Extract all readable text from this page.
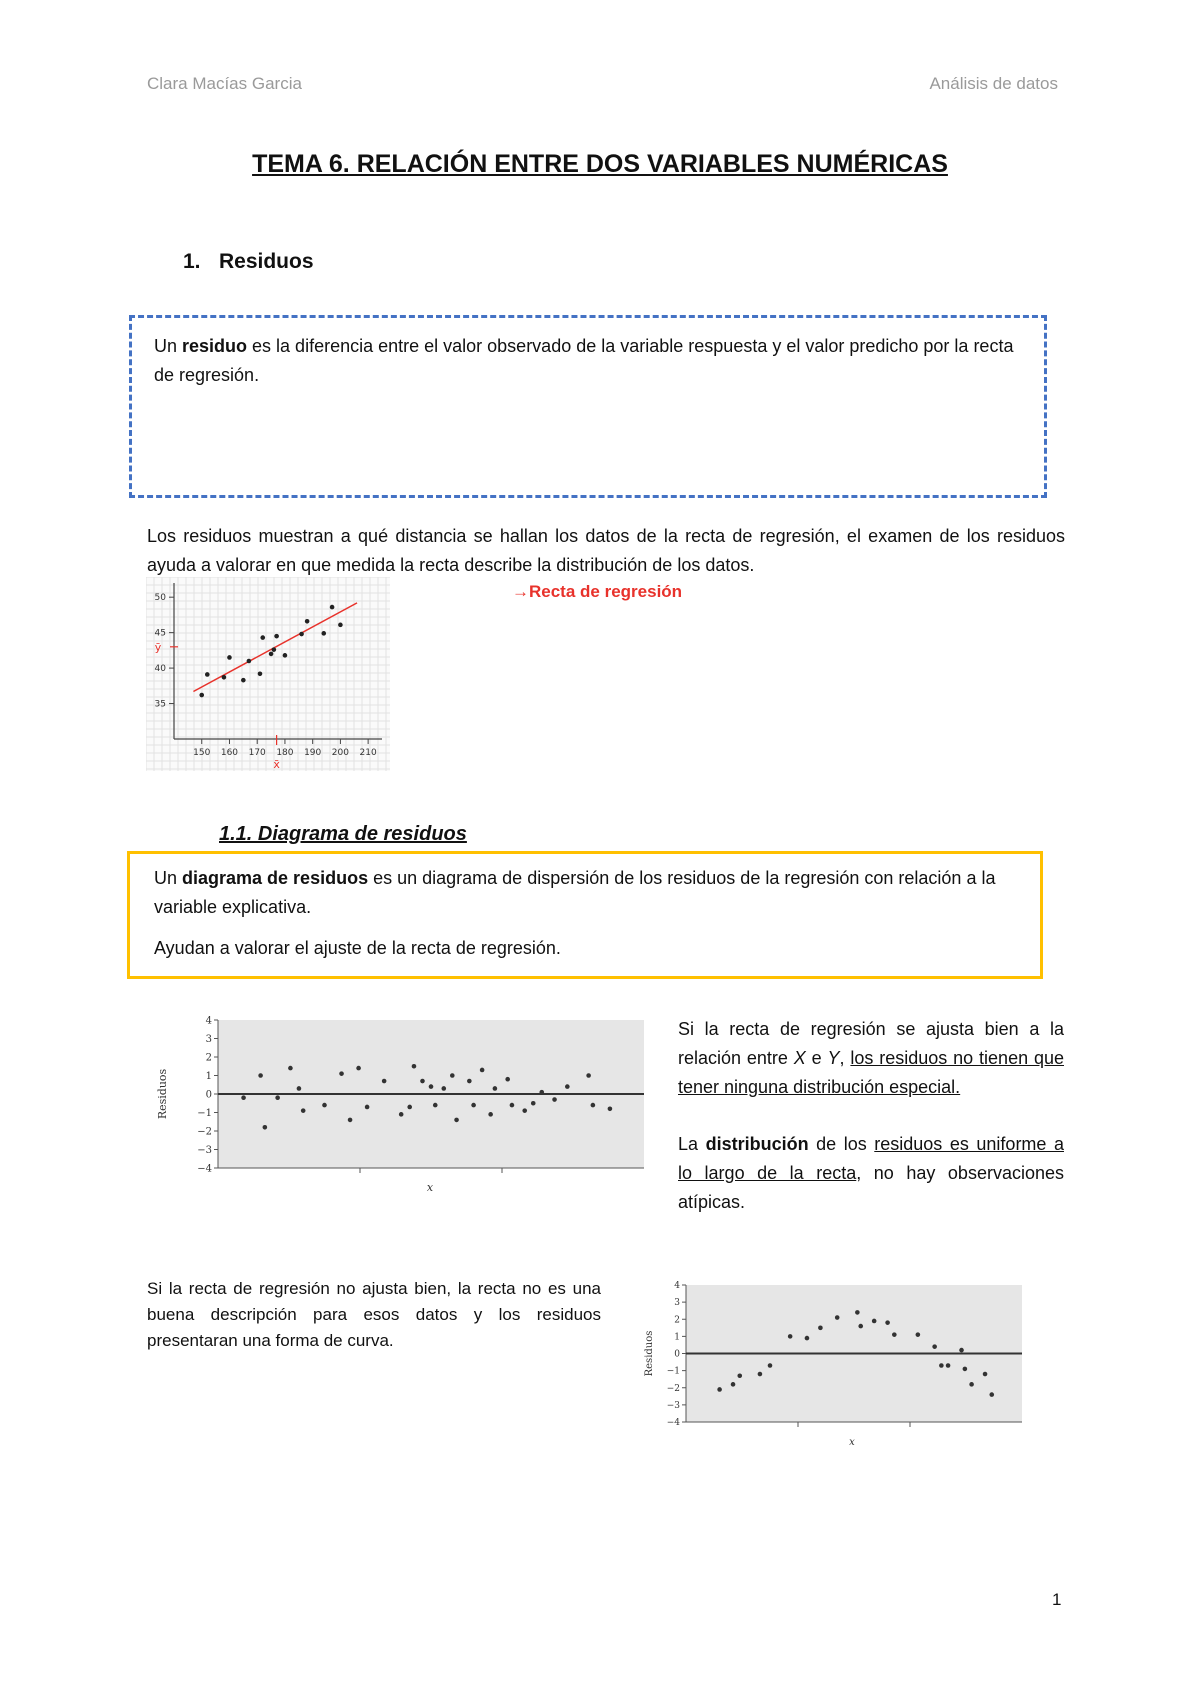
Clara Macías Garcia	Análisis de datos
TEMA 6. RELACIÓN ENTRE DOS VARIABLES NUMÉRICAS
1. Residuos

Un residuo es la diferencia entre el valor observado de la variable respuesta y el valor predicho por la recta de regresión.

Los residuos muestran a qué distancia se hallan los datos de la recta de regresión, el examen de los residuos ayuda a valorar en que medida la recta describe la distribución de los datos.
→Recta de regresión
150 160 170 180 190 200 210
35
40
45
50
x̄
ȳ
1.1. Diagrama de residuos

Un diagrama de residuos es un diagrama de dispersión de los residuos de la regresión con relación a la variable explicativa.

Ayudan a valorar el ajuste de la recta de regresión.

4
3
2
1
0
−1
−2
−3
−4
Residuos
x

Si la recta de regresión se ajusta bien a la relación entre X e Y, los residuos no tienen que tener ninguna distribución especial.

La distribución de los residuos es uniforme a lo largo de la recta, no hay observaciones atípicas.

Si la recta de regresión no ajusta bien, la recta no es una buena descripción para esos datos y los residuos presentaran una forma de curva.
4
3
2
1
0
−1
−2
−3
−4
Residuos
x
1
